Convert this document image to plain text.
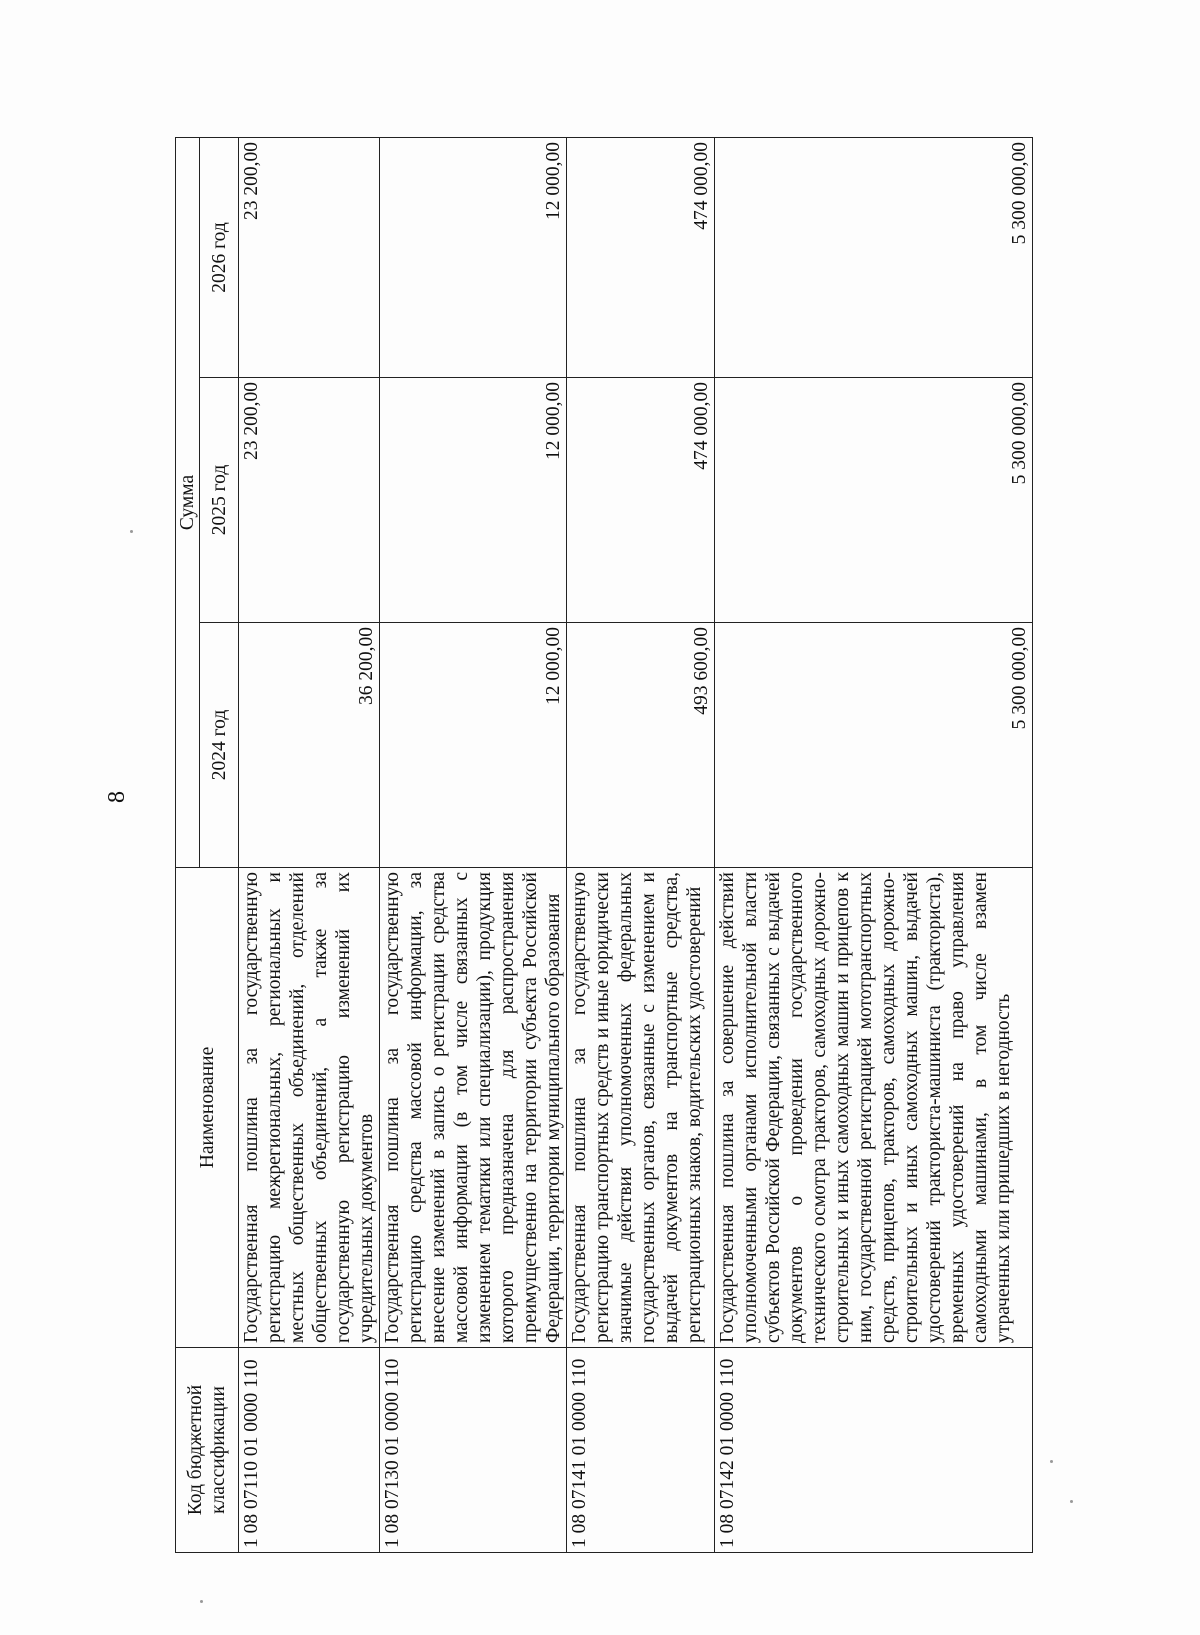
8
Код бюджетной классификации	Наименование	Сумма		
		2024 год	2025 год	2026 год
1 08 07110 01 0000 110	Государственная пошлина за государственную регистрацию межрегиональных, региональных и местных общественных объединений, отделений общественных объединений, а также за государственную регистрацию изменений их учредительных документов	36 200,00	23 200,00	23 200,00
1 08 07130 01 0000 110	Государственная пошлина за государственную регистрацию средства массовой информации, за внесение изменений в запись о регистрации средства массовой информации (в том числе связанных с изменением тематики или специализации), продукция которого предназначена для распространения преимущественно на территории субъекта Российской Федерации, территории муниципального образования	12 000,00	12 000,00	12 000,00
1 08 07141 01 0000 110	Государственная пошлина за государственную регистрацию транспортных средств и иные юридически значимые действия уполномоченных федеральных государственных органов, связанные с изменением и выдачей документов на транспортные средства, регистрационных знаков, водительских удостоверений	493 600,00	474 000,00	474 000,00
1 08 07142 01 0000 110	Государственная пошлина за совершение действий уполномоченными органами исполнительной власти субъектов Российской Федерации, связанных с выдачей документов о проведении государственного технического осмотра тракторов, самоходных дорожно-строительных и иных самоходных машин и прицепов к ним, государственной регистрацией мототранспортных средств, прицепов, тракторов, самоходных дорожно-строительных и иных самоходных машин, выдачей удостоверений тракториста-машиниста (тракториста), временных удостоверений на право управления самоходными машинами, в том числе взамен утраченных или пришедших в негодность	5 300 000,00	5 300 000,00	5 300 000,00
